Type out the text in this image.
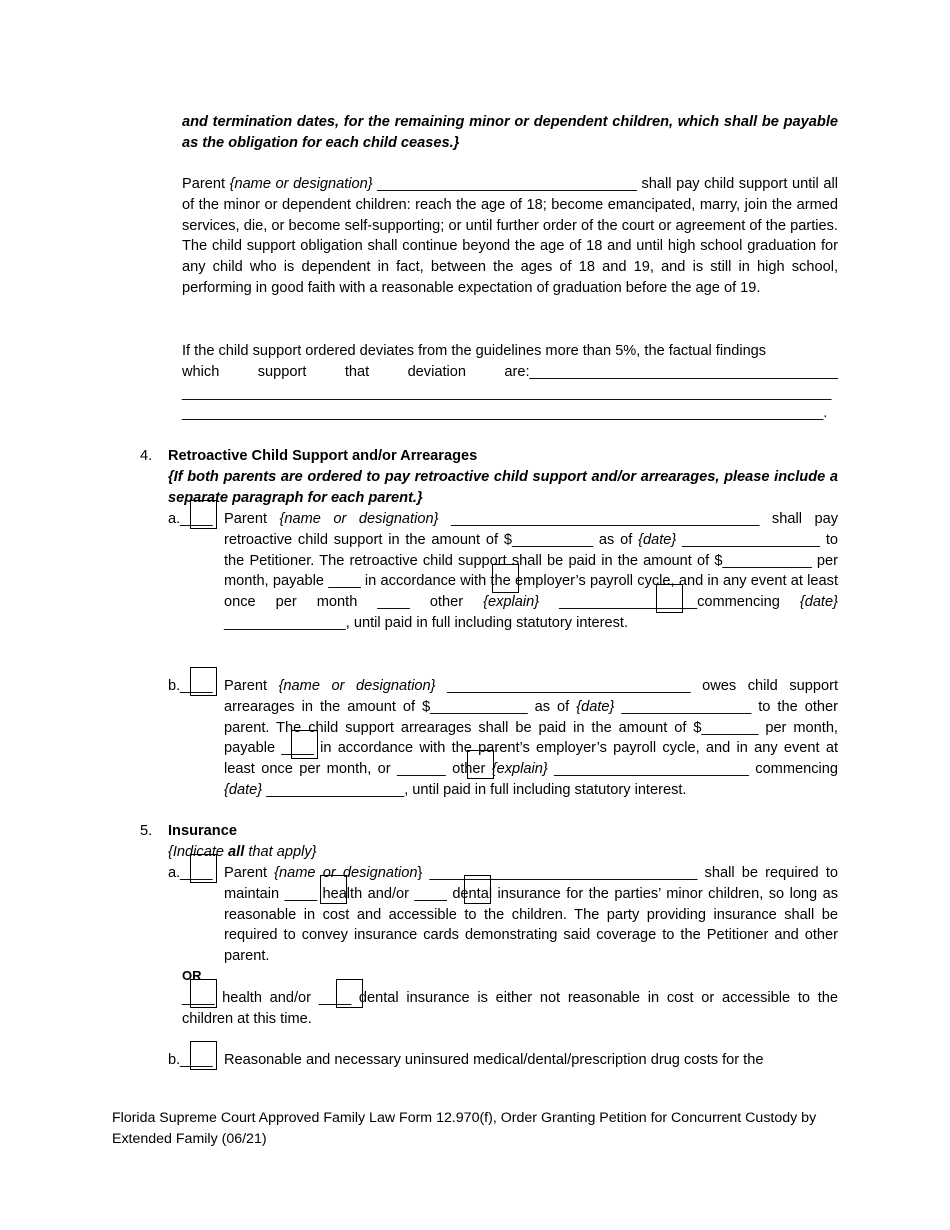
and termination dates, for the remaining minor or dependent children, which shall be payable as the obligation for each child ceases.}
Parent {name or designation} ________________________________ shall pay child support until all of the minor or dependent children: reach the age of 18; become emancipated, marry, join the armed services, die, or become self-supporting; or until further order of the court or agreement of the parties. The child support obligation shall continue beyond the age of 18 and until high school graduation for any child who is dependent in fact, between the ages of 18 and 19, and is still in high school, performing in good faith with a reasonable expectation of graduation before the age of 19.
If the child support ordered deviates from the guidelines more than 5%, the factual findings
which	support	that	deviation	are:______________________________________
________________________________________________________________________________
_______________________________________________________________________________.
4. Retroactive Child Support and/or Arrearages
{If both parents are ordered to pay retroactive child support and/or arrearages, please include a separate paragraph for each parent.}
a. ____ Parent {name or designation} ______________________________________ shall pay retroactive child support in the amount of $__________ as of {date} _________________ to the Petitioner. The retroactive child support shall be paid in the amount of $___________ per month, payable ____ in accordance with the employer’s payroll cycle, and in any event at least once per month ____ other {explain} _________________commencing {date} _______________, until paid in full including statutory interest.
b. ____ Parent {name or designation} ______________________________ owes child support arrearages in the amount of $____________ as of {date} ________________ to the other parent. The child support arrearages shall be paid in the amount of $_______ per month, payable ____ in accordance with the parent’s employer’s payroll cycle, and in any event at least once per month, or ______ other {explain} ________________________ commencing {date} _________________, until paid in full including statutory interest.
5. Insurance
{Indicate all that apply}
a. ____ Parent {name or designation} _________________________________ shall be required to maintain ____ health and/or ____ dental insurance for the parties’ minor children, so long as reasonable in cost and accessible to the children. The party providing insurance shall be required to convey insurance cards demonstrating said coverage to the Petitioner and other parent.
OR
____ health and/or ____ dental insurance is either not reasonable in cost or accessible to the children at this time.
b. ____ Reasonable and necessary uninsured medical/dental/prescription drug costs for the
Florida Supreme Court Approved Family Law Form 12.970(f), Order Granting Petition for Concurrent Custody by
Extended Family (06/21)
